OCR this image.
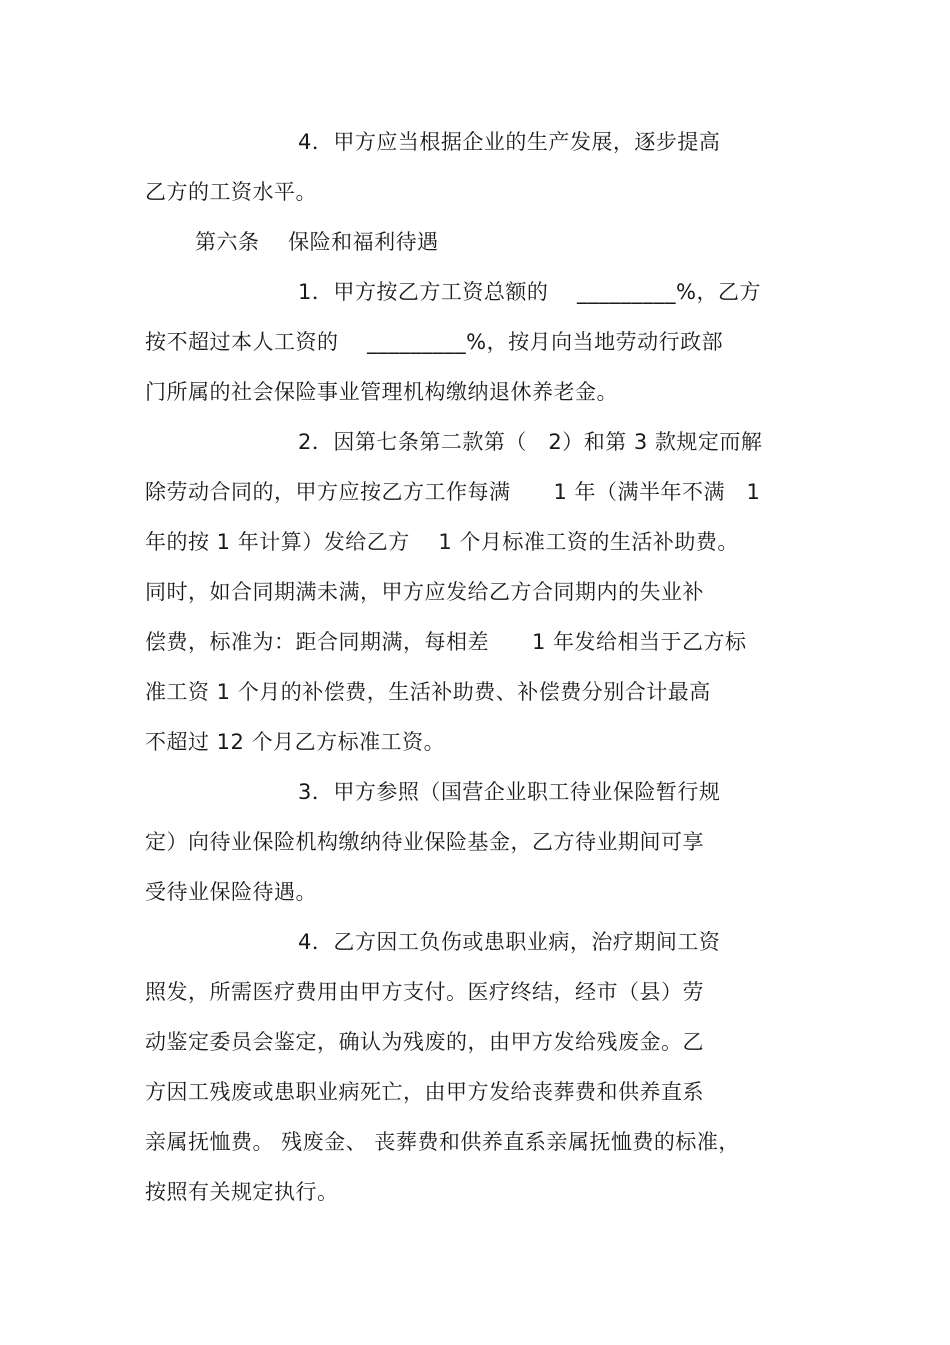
4．甲方应当根据企业的生产发展，逐步提高
乙方的工资水平。
第六条　 保险和福利待遇
1．甲方按乙方工资总额的　 _________%，乙方
按不超过本人工资的　 _________%，按月向当地劳动行政部
门所属的社会保险事业管理机构缴纳退休养老金。
2．因第七条第二款第（　2）和第 3 款规定而解
除劳动合同的，甲方应按乙方工作每满　　1 年（满半年不满　1
年的按 1 年计算）发给乙方　 1 个月标准工资的生活补助费。
同时，如合同期满未满，甲方应发给乙方合同期内的失业补
偿费，标准为：距合同期满，每相差　　1 年发给相当于乙方标
准工资 1 个月的补偿费，生活补助费、补偿费分别合计最高
不超过 12 个月乙方标准工资。
3．甲方参照（国营企业职工待业保险暂行规
定）向待业保险机构缴纳待业保险基金，乙方待业期间可享
受待业保险待遇。
4．乙方因工负伤或患职业病，治疗期间工资
照发，所需医疗费用由甲方支付。医疗终结，经市（县）劳
动鉴定委员会鉴定，确认为残废的，由甲方发给残废金。乙
方因工残废或患职业病死亡，由甲方发给丧葬费和供养直系
亲属抚恤费。 残废金、 丧葬费和供养直系亲属抚恤费的标准，
按照有关规定执行。
